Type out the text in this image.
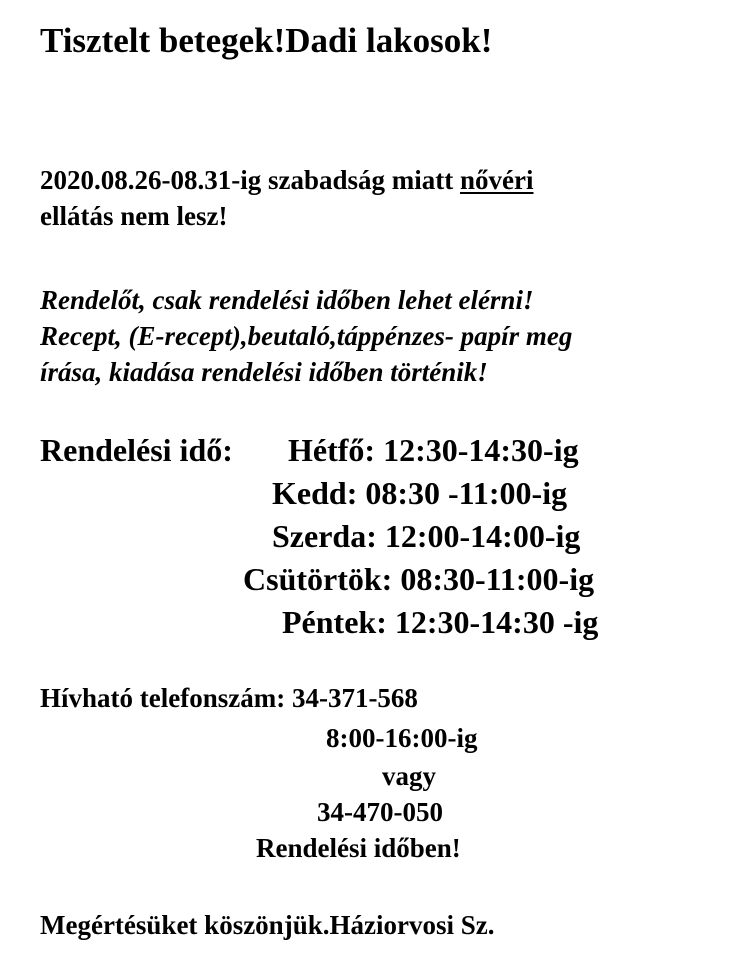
Tisztelt betegek!Dadi lakosok!
2020.08.26-08.31-ig szabadság miatt nővéri
ellátás nem lesz!
Rendelőt, csak rendelési időben lehet elérni!
Recept, (E-recept),beutaló,táppénzes- papír meg
írása, kiadása rendelési időben történik!
Rendelési idő: Hétfő: 12:30-14:30-ig
Kedd: 08:30 -11:00-ig
Szerda: 12:00-14:00-ig
Csütörtök: 08:30-11:00-ig
Péntek: 12:30-14:30 -ig
Hívható telefonszám: 34-371-568
8:00-16:00-ig
vagy
34-470-050
Rendelési időben!
Megértésüket köszönjük.Háziorvosi Sz.
